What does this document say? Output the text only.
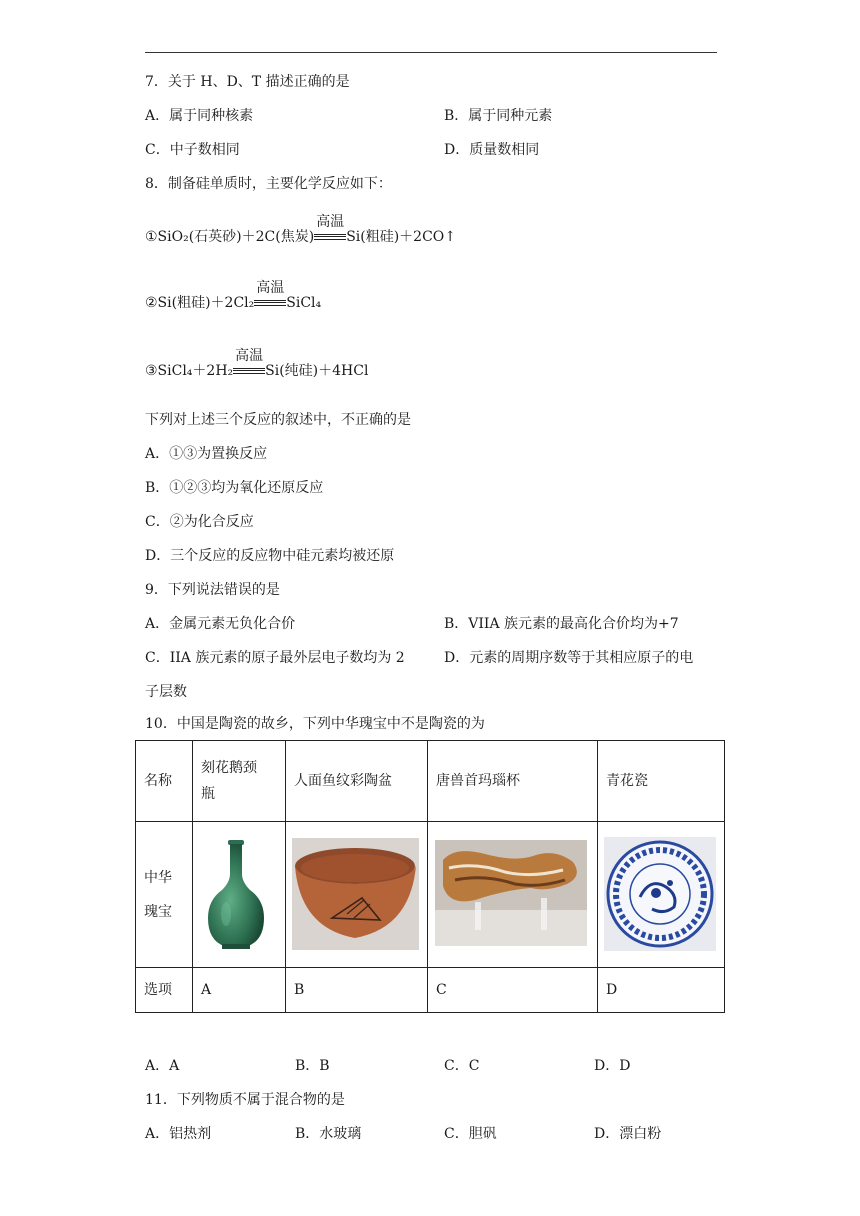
7．关于 H、D、T 描述正确的是
A．属于同种核素	B．属于同种元素
C．中子数相同	D．质量数相同
8．制备硅单质时，主要化学反应如下：
①SiO₂(石英砂)＋2C(焦炭)
高温
Si(粗硅)＋2CO↑
②Si(粗硅)＋2Cl₂
高温
SiCl₄
③SiCl₄＋2H₂
高温
Si(纯硅)＋4HCl
下列对上述三个反应的叙述中，不正确的是
A．①③为置换反应
B．①②③均为氧化还原反应
C．②为化合反应
D．三个反应的反应物中硅元素均被还原
9．下列说法错误的是
A．金属元素无负化合价	B．VIIA 族元素的最高化合价均为+7
C．IIA 族元素的原子最外层电子数均为 2	D．元素的周期序数等于其相应原子的电
子层数
10．中国是陶瓷的故乡，下列中华瑰宝中不是陶瓷的为
名称	刻花鹅颈
瓶	人面鱼纹彩陶盆	唐兽首玛瑙杯	青花瓷

中华
瑰宝				

选项	A	B	C	D
A．A	B．B	C．C	D．D
11．下列物质不属于混合物的是
A．铝热剂	B．水玻璃	C．胆矾	D．漂白粉
